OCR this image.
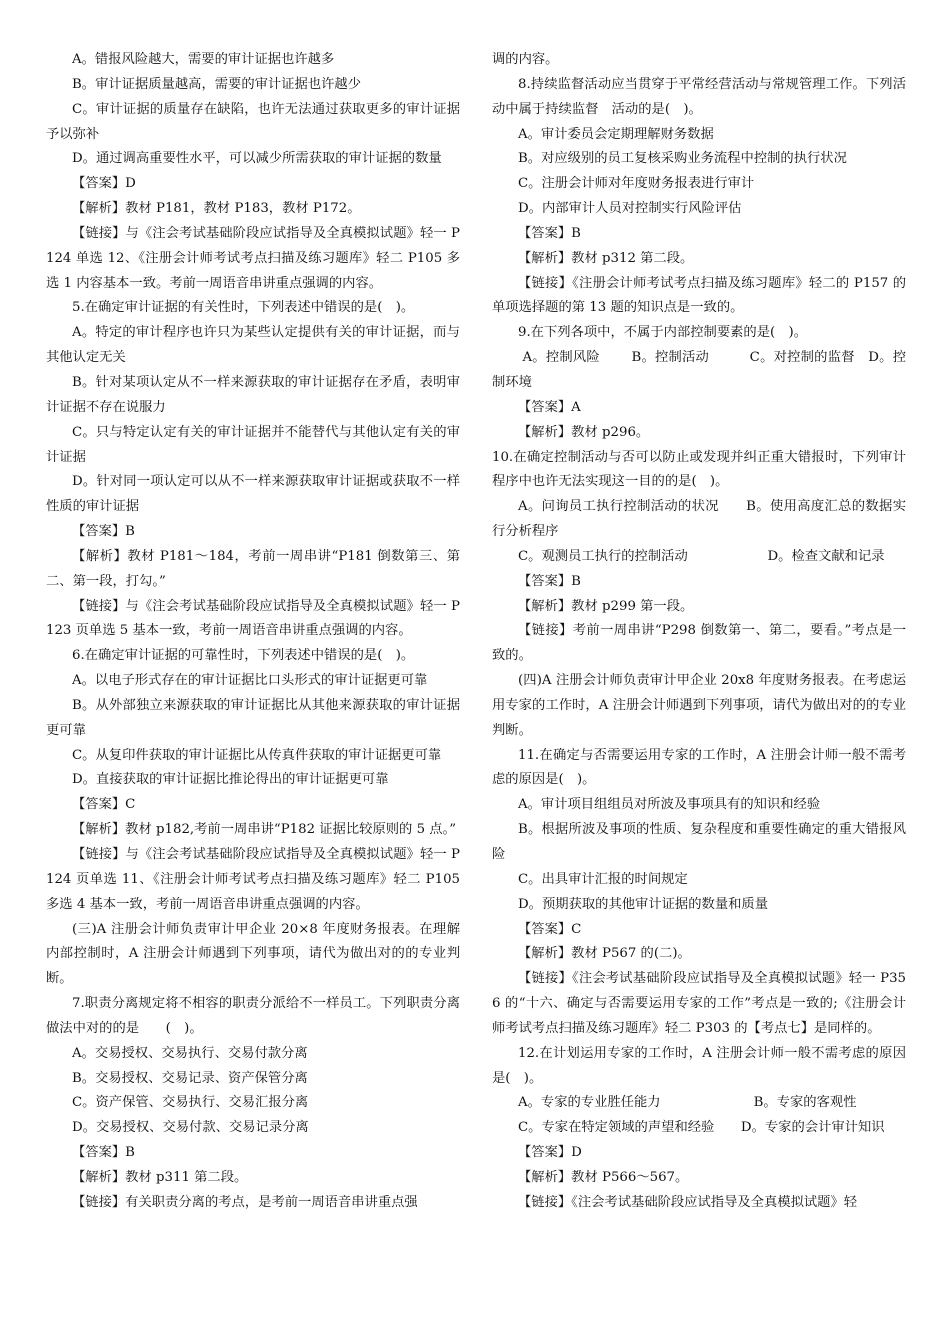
A。错报风险越大，需要的审计证据也许越多

B。审计证据质量越高，需要的审计证据也许越少

C。审计证据的质量存在缺陷，也许无法通过获取更多的审计证据予以弥补

D。通过调高重要性水平，可以减少所需获取的审计证据的数量

【答案】D

【解析】教材 P181，教材 P183，教材 P172。

【链接】与《注会考试基础阶段应试指导及全真模拟试题》轻一 P124 单选 12、《注册会计师考试考点扫描及练习题库》轻二 P105 多选 1 内容基本一致。考前一周语音串讲重点强调的内容。

5.在确定审计证据的有关性时，下列表述中错误的是(　)。

A。特定的审计程序也许只为某些认定提供有关的审计证据，而与其他认定无关

B。针对某项认定从不一样来源获取的审计证据存在矛盾，表明审计证据不存在说服力

C。只与特定认定有关的审计证据并不能替代与其他认定有关的审计证据

D。针对同一项认定可以从不一样来源获取审计证据或获取不一样性质的审计证据

【答案】B

【解析】教材 P181～184，考前一周串讲“P181 倒数第三、第二、第一段，打勾。”

【链接】与《注会考试基础阶段应试指导及全真模拟试题》轻一 P123 页单选 5 基本一致，考前一周语音串讲重点强调的内容。

6.在确定审计证据的可靠性时，下列表述中错误的是(　)。

A。以电子形式存在的审计证据比口头形式的审计证据更可靠

B。从外部独立来源获取的审计证据比从其他来源获取的审计证据更可靠

C。从复印件获取的审计证据比从传真件获取的审计证据更可靠

D。直接获取的审计证据比推论得出的审计证据更可靠

【答案】C

【解析】教材 p182,考前一周串讲“P182 证据比较原则的 5 点。”

【链接】与《注会考试基础阶段应试指导及全真模拟试题》轻一 P124 页单选 11、《注册会计师考试考点扫描及练习题库》轻二 P105 多选 4 基本一致，考前一周语音串讲重点强调的内容。

(三)A 注册会计师负责审计甲企业 20×8 年度财务报表。在理解内部控制时，A 注册会计师遇到下列事项，请代为做出对的的专业判断。

7.职责分离规定将不相容的职责分派给不一样员工。下列职责分离做法中对的的是　　(　)。

A。交易授权、交易执行、交易付款分离

B。交易授权、交易记录、资产保管分离

C。资产保管、交易执行、交易汇报分离

D。交易授权、交易付款、交易记录分离

【答案】B

【解析】教材 p311 第二段。

【链接】有关职责分离的考点，是考前一周语音串讲重点强

调的内容。

8.持续监督活动应当贯穿于平常经营活动与常规管理工作。下列活动中属于持续监督　活动的是(　)。

A。审计委员会定期理解财务数据

B。对应级别的员工复核采购业务流程中控制的执行状况

C。注册会计师对年度财务报表进行审计

D。内部审计人员对控制实行风险评估

【答案】B

【解析】教材 p312 第二段。

【链接】《注册会计师考试考点扫描及练习题库》轻二的 P157 的单项选择题的第 13 题的知识点是一致的。

9.在下列各项中，不属于内部控制要素的是(　)。

A。控制风险　　 B。控制活动　　　C。对控制的监督　D。控制环境

【答案】A

【解析】教材 p296。

10.在确定控制活动与否可以防止或发现并纠正重大错报时，下列审计程序中也许无法实现这一目的的是(　)。

A。问询员工执行控制活动的状况　　B。使用高度汇总的数据实行分析程序

C。观测员工执行的控制活动　　　　　　D。检查文献和记录

【答案】B

【解析】教材 p299 第一段。

【链接】考前一周串讲“P298 倒数第一、第二，要看。”考点是一致的。

(四)A 注册会计师负责审计甲企业 20x8 年度财务报表。在考虑运用专家的工作时，A 注册会计师遇到下列事项，请代为做出对的的专业判断。

11.在确定与否需要运用专家的工作时，A 注册会计师一般不需考虑的原因是(　)。

A。审计项目组组员对所波及事项具有的知识和经验

B。根据所波及事项的性质、复杂程度和重要性确定的重大错报风险

C。出具审计汇报的时间规定

D。预期获取的其他审计证据的数量和质量

【答案】C

【解析】教材 P567 的(二)。

【链接】《注会考试基础阶段应试指导及全真模拟试题》轻一 P356 的“十六、确定与否需要运用专家的工作”考点是一致的;《注册会计师考试考点扫描及练习题库》轻二 P303 的【考点七】是同样的。

12.在计划运用专家的工作时，A 注册会计师一般不需考虑的原因是(　)。

A。专家的专业胜任能力　　　　　　　B。专家的客观性

C。专家在特定领域的声望和经验　　D。专家的会计审计知识

【答案】D

【解析】教材 P566～567。

【链接】《注会考试基础阶段应试指导及全真模拟试题》轻
